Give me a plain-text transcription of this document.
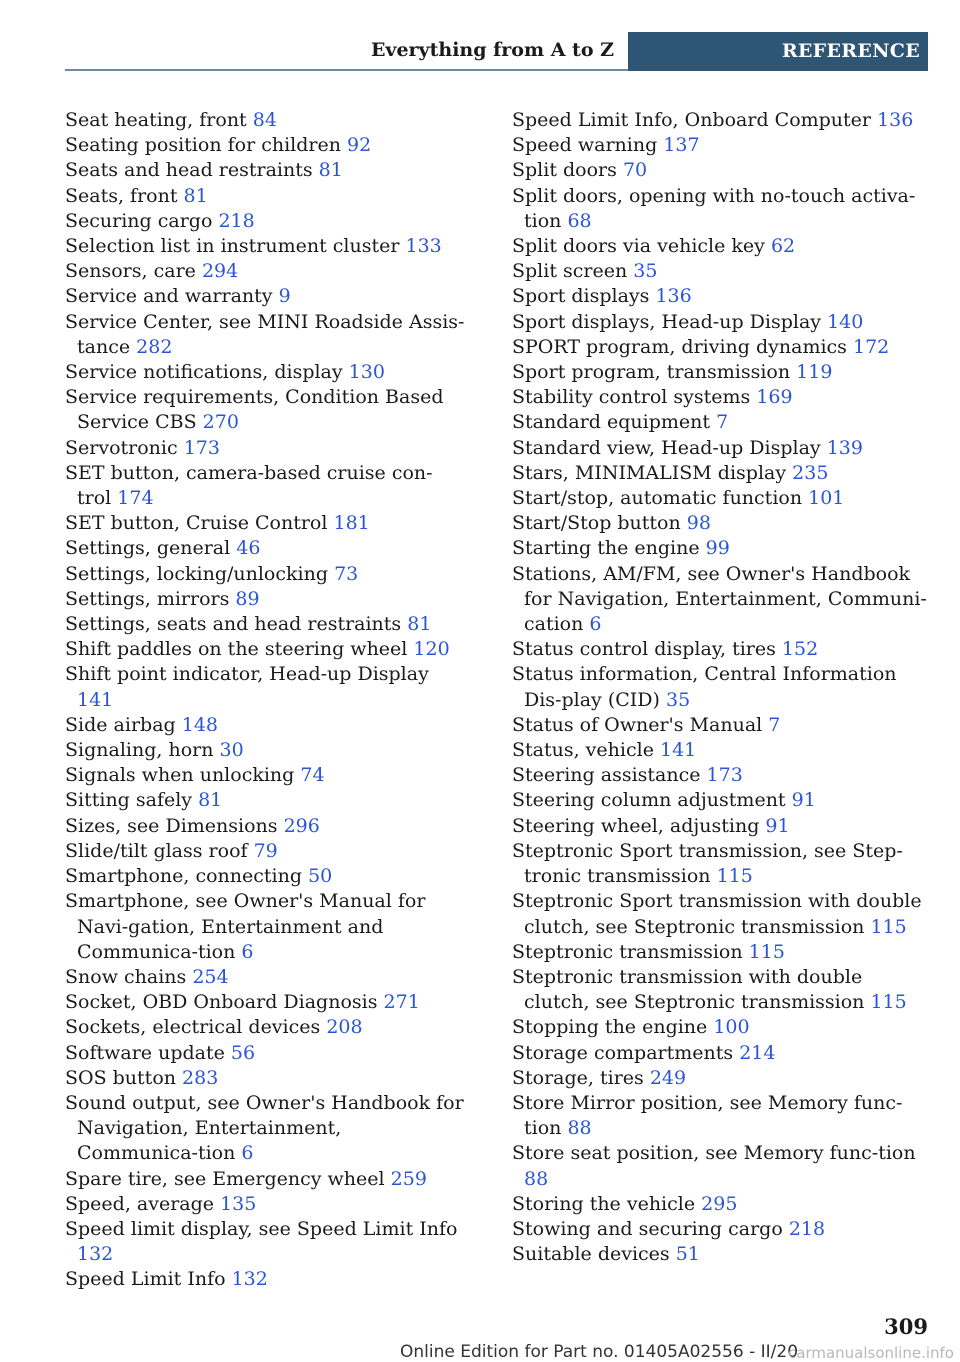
Everything from A to Z	REFERENCE
Seat heating, front 84
Seating position for children 92
Seats and head restraints 81
Seats, front 81
Securing cargo 218
Selection list in instrument cluster 133
Sensors, care 294
Service and warranty 9
Service Center, see MINI Roadside Assis-tance 282
Service notifications, display 130
Service requirements, Condition Based Service CBS 270
Servotronic 173
SET button, camera-based cruise con-trol 174
SET button, Cruise Control 181
Settings, general 46
Settings, locking/unlocking 73
Settings, mirrors 89
Settings, seats and head restraints 81
Shift paddles on the steering wheel 120
Shift point indicator, Head-up Display 141
Side airbag 148
Signaling, horn 30
Signals when unlocking 74
Sitting safely 81
Sizes, see Dimensions 296
Slide/tilt glass roof 79
Smartphone, connecting 50
Smartphone, see Owner's Manual for Navi-gation, Entertainment and Communica-tion 6
Snow chains 254
Socket, OBD Onboard Diagnosis 271
Sockets, electrical devices 208
Software update 56
SOS button 283
Sound output, see Owner's Handbook for Navigation, Entertainment, Communica-tion 6
Spare tire, see Emergency wheel 259
Speed, average 135
Speed limit display, see Speed Limit Info 132
Speed Limit Info 132
Speed Limit Info, Onboard Computer 136
Speed warning 137
Split doors 70
Split doors, opening with no-touch activa-tion 68
Split doors via vehicle key 62
Split screen 35
Sport displays 136
Sport displays, Head-up Display 140
SPORT program, driving dynamics 172
Sport program, transmission 119
Stability control systems 169
Standard equipment 7
Standard view, Head-up Display 139
Stars, MINIMALISM display 235
Start/stop, automatic function 101
Start/Stop button 98
Starting the engine 99
Stations, AM/FM, see Owner's Handbook for Navigation, Entertainment, Communi-cation 6
Status control display, tires 152
Status information, Central Information Dis-play (CID) 35
Status of Owner's Manual 7
Status, vehicle 141
Steering assistance 173
Steering column adjustment 91
Steering wheel, adjusting 91
Steptronic Sport transmission, see Step-tronic transmission 115
Steptronic Sport transmission with double clutch, see Steptronic transmission 115
Steptronic transmission 115
Steptronic transmission with double clutch, see Steptronic transmission 115
Stopping the engine 100
Storage compartments 214
Storage, tires 249
Store Mirror position, see Memory func-tion 88
Store seat position, see Memory func-tion 88
Storing the vehicle 295
Stowing and securing cargo 218
Suitable devices 51
Online Edition for Part no. 01405A02556 - II/20
309
carmanualsonline.info
